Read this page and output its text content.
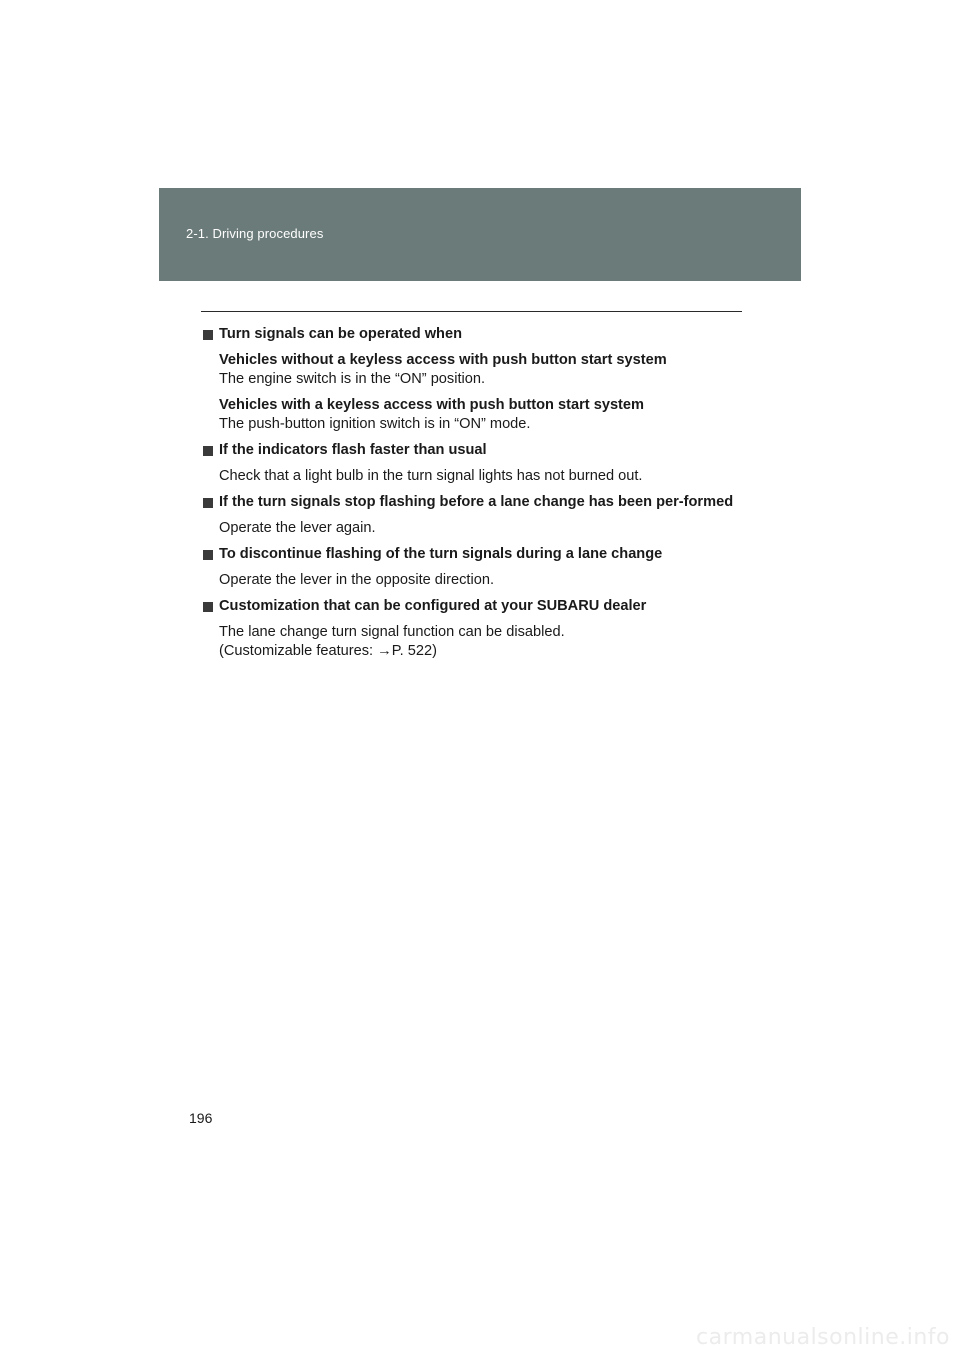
2-1. Driving procedures
Turn signals can be operated when
Vehicles without a keyless access with push button start system
The engine switch is in the “ON” position.
Vehicles with a keyless access with push button start system
The push-button ignition switch is in “ON” mode.
If the indicators flash faster than usual
Check that a light bulb in the turn signal lights has not burned out.
If the turn signals stop flashing before a lane change has been per-formed
Operate the lever again.
To discontinue flashing of the turn signals during a lane change
Operate the lever in the opposite direction.
Customization that can be configured at your SUBARU dealer
The lane change turn signal function can be disabled.
(Customizable features: →P. 522)
196
carmanualsonline.info
